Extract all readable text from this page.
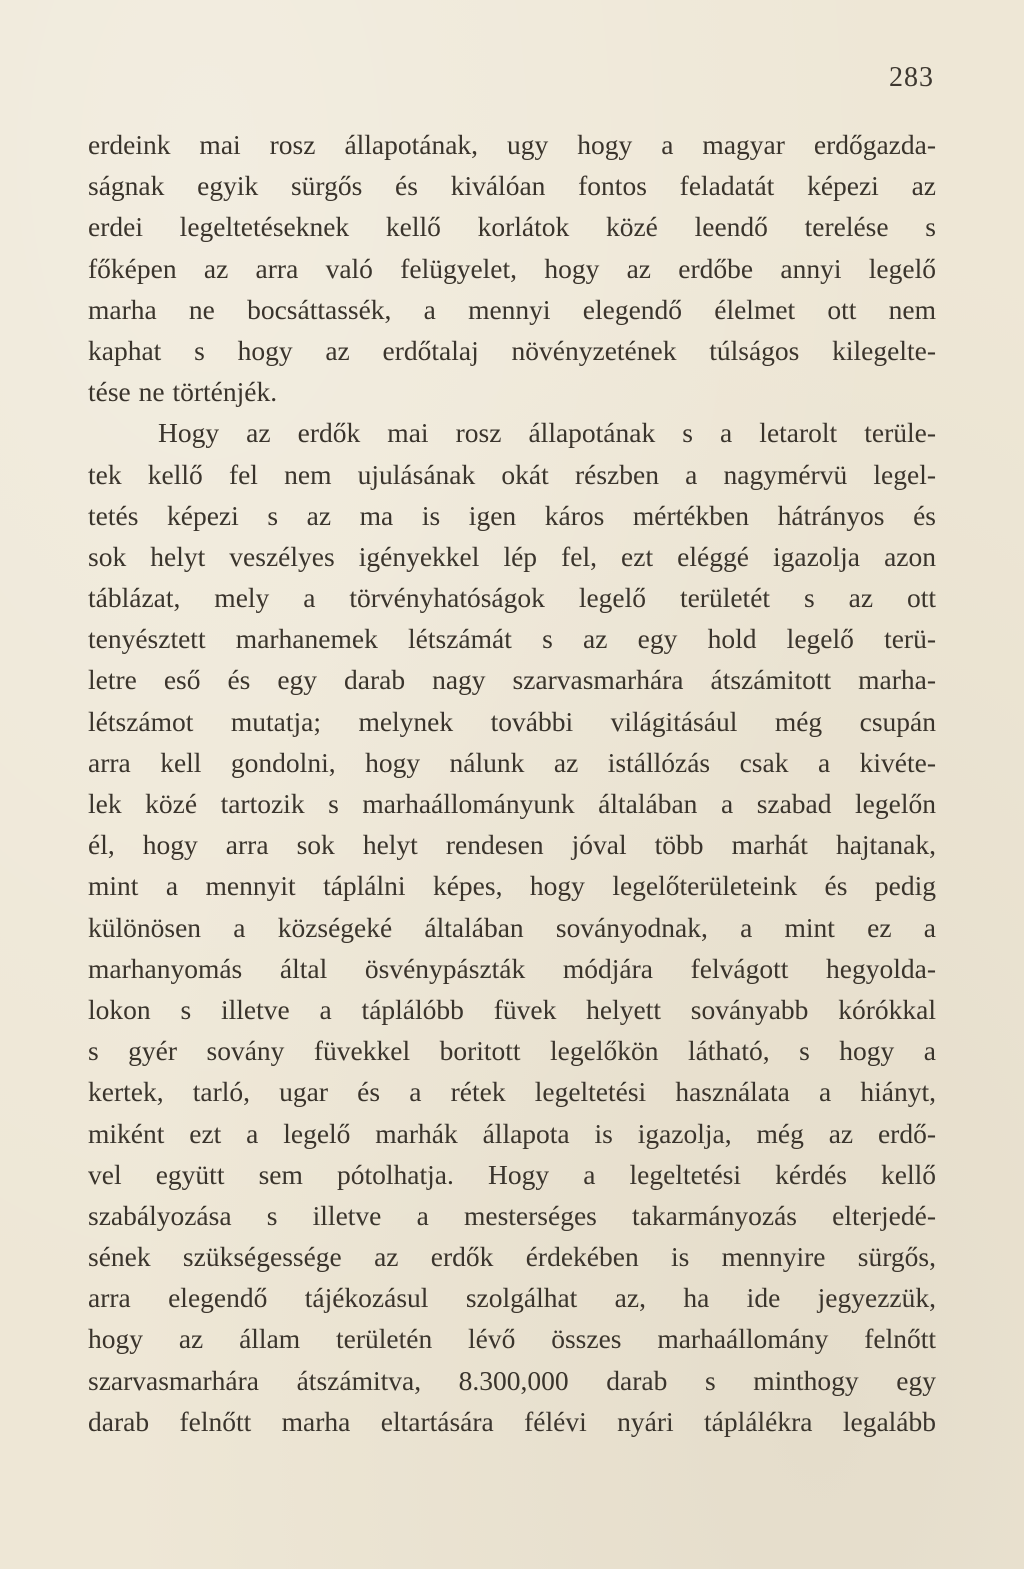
283
erdeink mai rosz állapotának, ugy hogy a magyar erdőgazda-
ságnak egyik sürgős és kiválóan fontos feladatát képezi az
erdei legeltetéseknek kellő korlátok közé leendő terelése s
főképen az arra való felügyelet, hogy az erdőbe annyi legelő
marha ne bocsáttassék, a mennyi elegendő élelmet ott nem
kaphat s hogy az erdőtalaj növényzetének túlságos kilegelte-
tése ne történjék.
Hogy az erdők mai rosz állapotának s a letarolt terüle-
tek kellő fel nem ujulásának okát részben a nagymérvü legel-
tetés képezi s az ma is igen káros mértékben hátrányos és
sok helyt veszélyes igényekkel lép fel, ezt eléggé igazolja azon
táblázat, mely a törvényhatóságok legelő területét s az ott
tenyésztett marhanemek létszámát s az egy hold legelő terü-
letre eső és egy darab nagy szarvasmarhára átszámitott marha-
létszámot mutatja; melynek további világitásául még csupán
arra kell gondolni, hogy nálunk az istállózás csak a kivéte-
lek közé tartozik s marhaállományunk általában a szabad legelőn
él, hogy arra sok helyt rendesen jóval több marhát hajtanak,
mint a mennyit táplálni képes, hogy legelőterületeink és pedig
különösen a községeké általában soványodnak, a mint ez a
marhanyomás által ösvénypászták módjára felvágott hegyolda-
lokon s illetve a táplálóbb füvek helyett soványabb kórókkal
s gyér sovány füvekkel boritott legelőkön látható, s hogy a
kertek, tarló, ugar és a rétek legeltetési használata a hiányt,
miként ezt a legelő marhák állapota is igazolja, még az erdő-
vel együtt sem pótolhatja. Hogy a legeltetési kérdés kellő
szabályozása s illetve a mesterséges takarmányozás elterjedé-
sének szükségessége az erdők érdekében is mennyire sürgős,
arra elegendő tájékozásul szolgálhat az, ha ide jegyezzük,
hogy az állam területén lévő összes marhaállomány felnőtt
szarvasmarhára átszámitva, 8.300,000 darab s minthogy egy
darab felnőtt marha eltartására félévi nyári táplálékra legalább
